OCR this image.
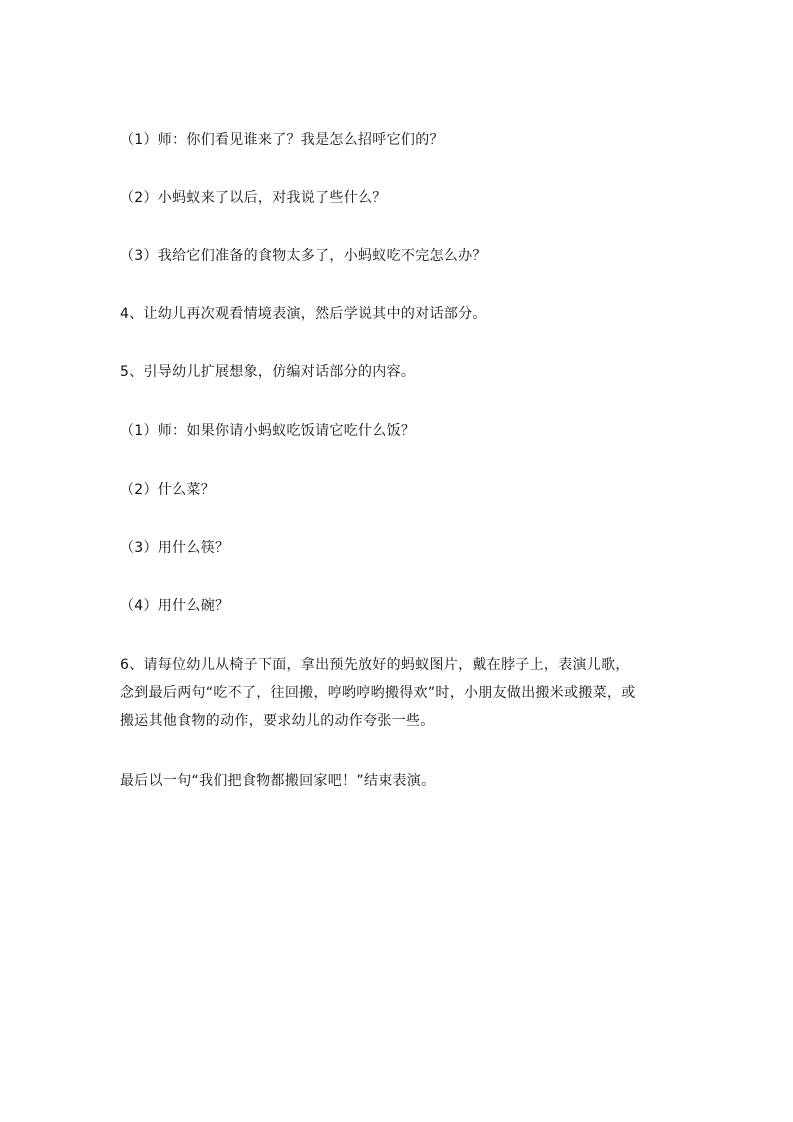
（1）师：你们看见谁来了？我是怎么招呼它们的？
（2）小蚂蚁来了以后，对我说了些什么？
（3）我给它们准备的食物太多了，小蚂蚁吃不完怎么办？
4、让幼儿再次观看情境表演，然后学说其中的对话部分。
5、引导幼儿扩展想象，仿编对话部分的内容。
（1）师：如果你请小蚂蚁吃饭请它吃什么饭？
（2）什么菜？
（3）用什么筷？
（4）用什么碗？
6、请每位幼儿从椅子下面，拿出预先放好的蚂蚁图片，戴在脖子上，表演儿歌，
念到最后两句“吃不了，往回搬，哼哟哼哟搬得欢”时，小朋友做出搬米或搬菜，或
搬运其他食物的动作，要求幼儿的动作夸张一些。
最后以一句“我们把食物都搬回家吧！”结束表演。
